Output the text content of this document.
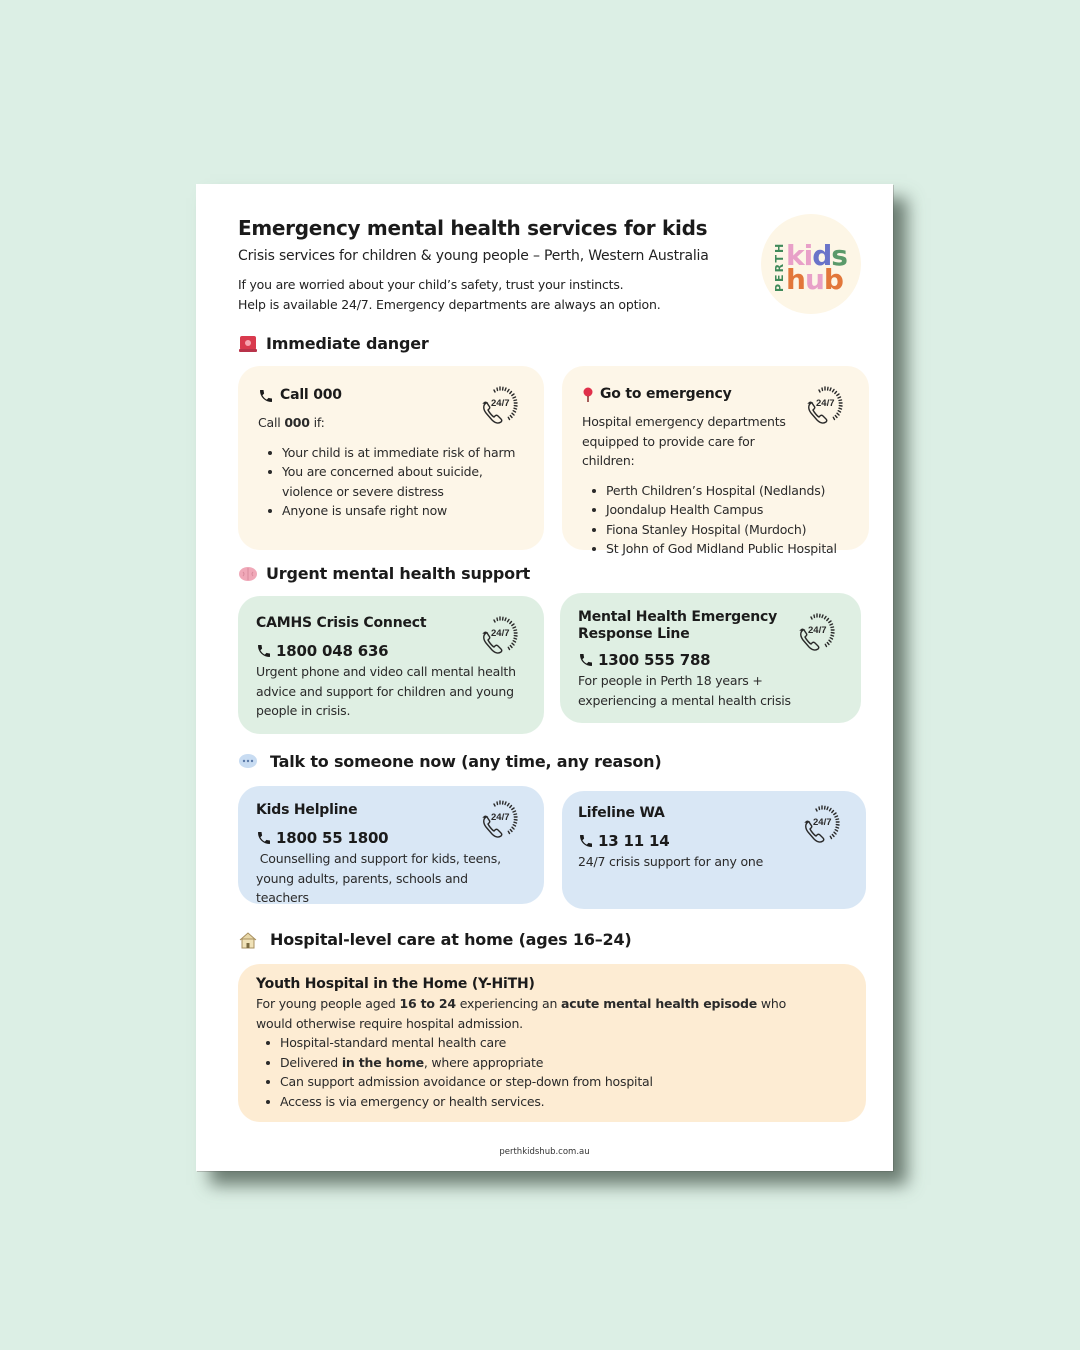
Emergency mental health services for kids
Crisis services for children & young people – Perth, Western Australia
If you are worried about your child’s safety, trust your instincts.
Help is available 24/7. Emergency departments are always an option.
PERTH kids
hub
Immediate danger
Call 000
Call 000 if:
Your child is at immediate risk of harm
You are concerned about suicide, violence or severe distress
Anyone is unsafe right now
Go to emergency
Hospital emergency departments equipped to provide care for children:
Perth Children’s Hospital (Nedlands)
Joondalup Health Campus
Fiona Stanley Hospital (Murdoch)
St John of God Midland Public Hospital
Urgent mental health support
CAMHS Crisis Connect
1800 048 636
Urgent phone and video call mental health advice and support for children and young people in crisis.
Mental Health Emergency Response Line
1300 555 788
For people in Perth 18 years + experiencing a mental health crisis
Talk to someone now (any time, any reason)
Kids Helpline
1800 55 1800
Counselling and support for kids, teens, young adults, parents, schools and teachers
Lifeline WA
13 11 14
24/7 crisis support for any one
Hospital-level care at home (ages 16–24)
Youth Hospital in the Home (Y-HiTH)
For young people aged 16 to 24 experiencing an acute mental health episode who would otherwise require hospital admission.
Hospital-standard mental health care
Delivered in the home, where appropriate
Can support admission avoidance or step-down from hospital
Access is via emergency or health services.
perthkidshub.com.au
